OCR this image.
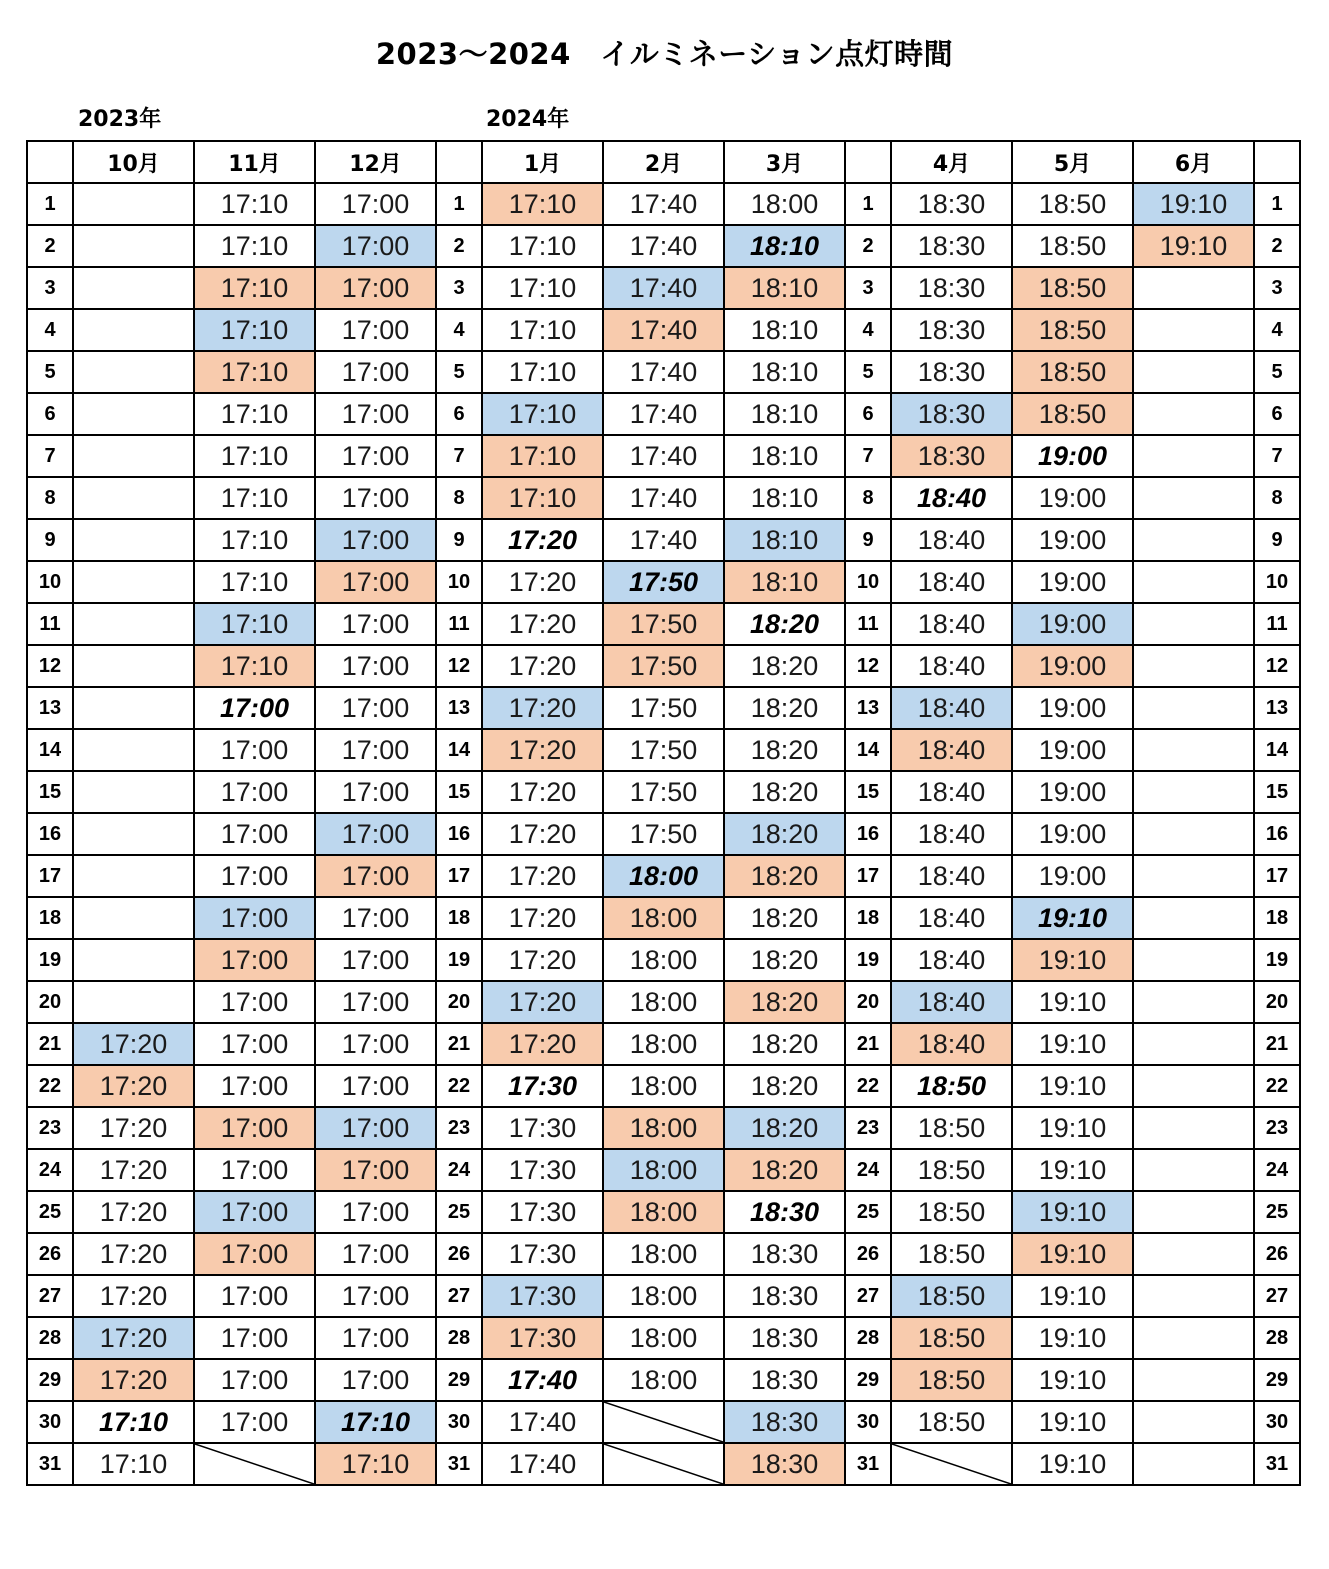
2023～2024　イルミネーション点灯時間
2023年	2024年
	10月	11月	12月		1月	2月	3月		4月	5月	6月	
1		17:10	17:00	1	17:10	17:40	18:00	1	18:30	18:50	19:10	1
2		17:10	17:00	2	17:10	17:40	18:10	2	18:30	18:50	19:10	2
3		17:10	17:00	3	17:10	17:40	18:10	3	18:30	18:50		3
4		17:10	17:00	4	17:10	17:40	18:10	4	18:30	18:50		4
5		17:10	17:00	5	17:10	17:40	18:10	5	18:30	18:50		5
6		17:10	17:00	6	17:10	17:40	18:10	6	18:30	18:50		6
7		17:10	17:00	7	17:10	17:40	18:10	7	18:30	19:00		7
8		17:10	17:00	8	17:10	17:40	18:10	8	18:40	19:00		8
9		17:10	17:00	9	17:20	17:40	18:10	9	18:40	19:00		9
10		17:10	17:00	10	17:20	17:50	18:10	10	18:40	19:00		10
11		17:10	17:00	11	17:20	17:50	18:20	11	18:40	19:00		11
12		17:10	17:00	12	17:20	17:50	18:20	12	18:40	19:00		12
13		17:00	17:00	13	17:20	17:50	18:20	13	18:40	19:00		13
14		17:00	17:00	14	17:20	17:50	18:20	14	18:40	19:00		14
15		17:00	17:00	15	17:20	17:50	18:20	15	18:40	19:00		15
16		17:00	17:00	16	17:20	17:50	18:20	16	18:40	19:00		16
17		17:00	17:00	17	17:20	18:00	18:20	17	18:40	19:00		17
18		17:00	17:00	18	17:20	18:00	18:20	18	18:40	19:10		18
19		17:00	17:00	19	17:20	18:00	18:20	19	18:40	19:10		19
20		17:00	17:00	20	17:20	18:00	18:20	20	18:40	19:10		20
21	17:20	17:00	17:00	21	17:20	18:00	18:20	21	18:40	19:10		21
22	17:20	17:00	17:00	22	17:30	18:00	18:20	22	18:50	19:10		22
23	17:20	17:00	17:00	23	17:30	18:00	18:20	23	18:50	19:10		23
24	17:20	17:00	17:00	24	17:30	18:00	18:20	24	18:50	19:10		24
25	17:20	17:00	17:00	25	17:30	18:00	18:30	25	18:50	19:10		25
26	17:20	17:00	17:00	26	17:30	18:00	18:30	26	18:50	19:10		26
27	17:20	17:00	17:00	27	17:30	18:00	18:30	27	18:50	19:10		27
28	17:20	17:00	17:00	28	17:30	18:00	18:30	28	18:50	19:10		28
29	17:20	17:00	17:00	29	17:40	18:00	18:30	29	18:50	19:10		29
30	17:10	17:00	17:10	30	17:40		18:30	30	18:50	19:10		30
31	17:10		17:10	31	17:40		18:30	31		19:10		31
